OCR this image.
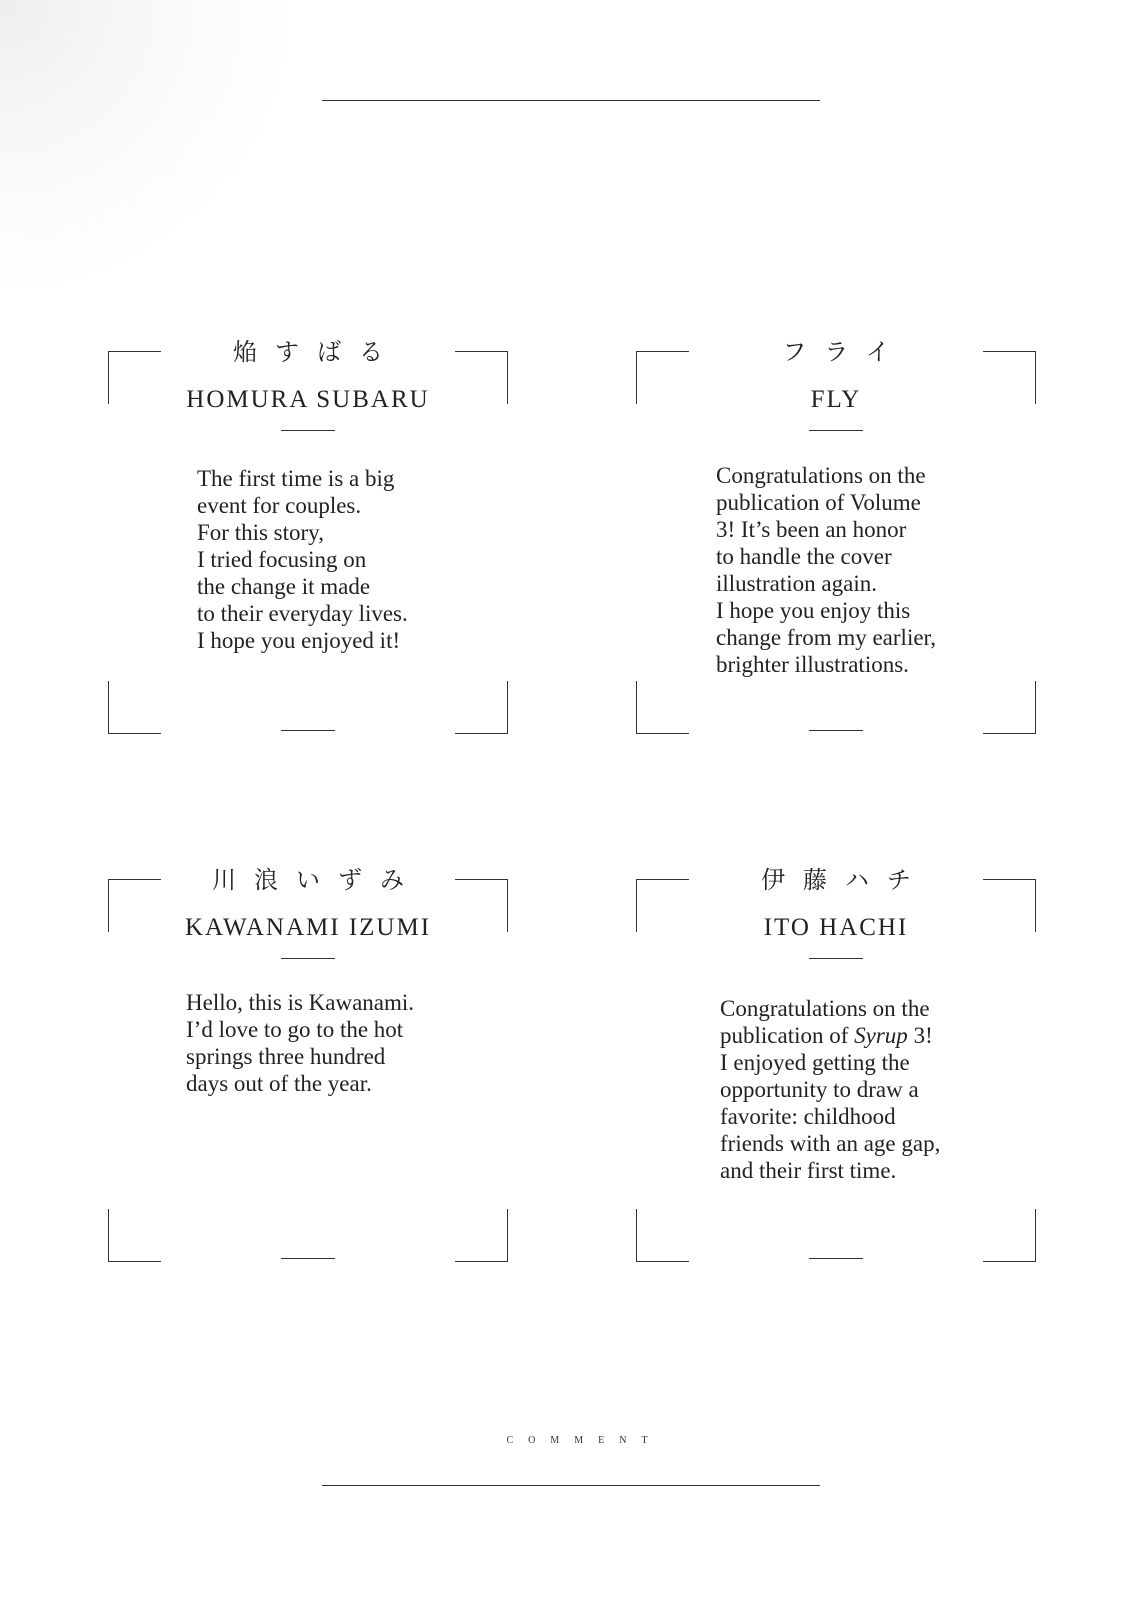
焔すばる
HOMURA SUBARU
The first time is a big
event for couples.
For this story,
I tried focusing on
the change it made
to their everyday lives.
I hope you enjoyed it!
フライ
FLY
Congratulations on the
publication of Volume
3! It’s been an honor
to handle the cover
illustration again.
I hope you enjoy this
change from my earlier,
brighter illustrations.
川浪いずみ
KAWANAMI IZUMI
Hello, this is Kawanami.
I’d love to go to the hot
springs three hundred
days out of the year.
伊藤ハチ
ITO HACHI
Congratulations on the
publication of Syrup 3!
I enjoyed getting the
opportunity to draw a
favorite: childhood
friends with an age gap,
and their first time.
COMMENT
